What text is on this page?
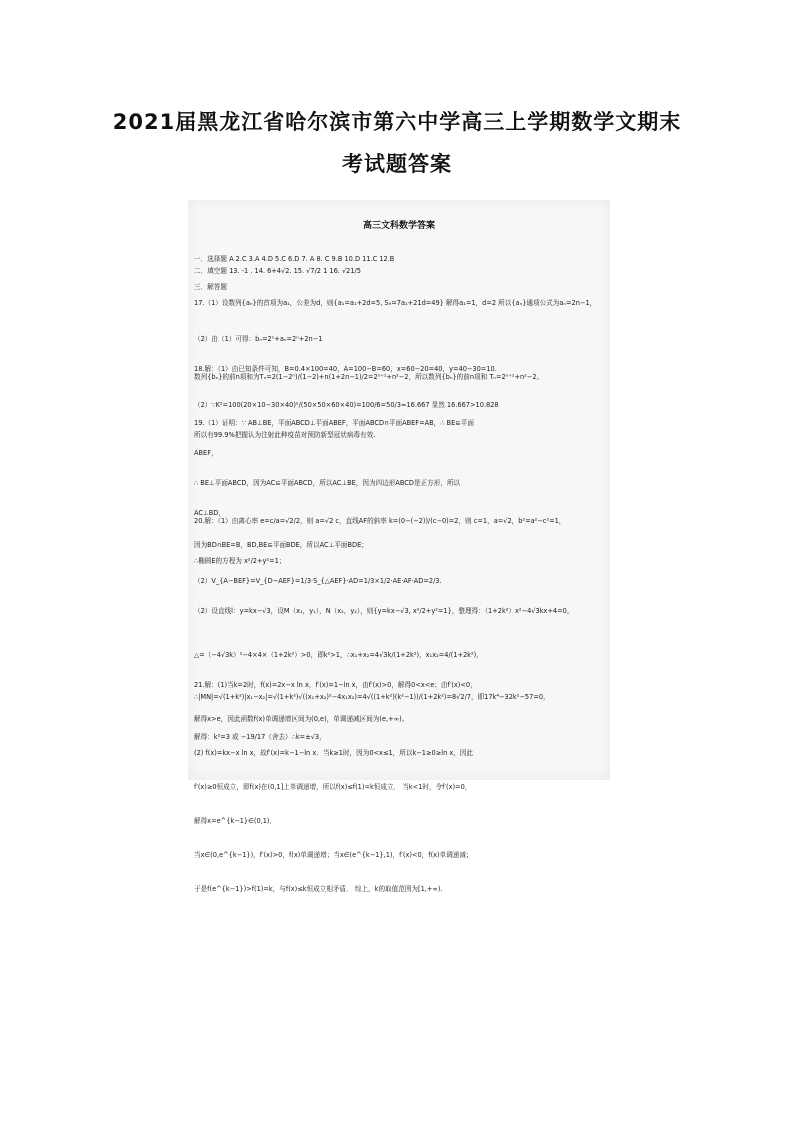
2021届黑龙江省哈尔滨市第六中学高三上学期数学文期末
考试题答案
高三文科数学答案

一．选择题 A 2.C 3.A 4.D 5.C 6.D 7. A 8. C 9.B 10.D 11.C 12.B

二．填空题 13. -1 . 14. 6+4√2. 15. √7/2 1 16. √21/5

三．解答题

17.（1）设数列{aₙ}的首项为a₁，公差为d，则{a₁=a₁+2d=5, S₉=7a₁+21d=49} 解得a₁=1，d=2 所以{aₙ}通项公式为aₙ=2n−1，

（2）由（1）可得：bₙ=2ⁿ+aₙ=2ⁿ+2n−1

数列{bₙ}的前n项和为Tₙ=2(1−2ⁿ)/(1−2)+n(1+2n−1)/2=2ⁿ⁺¹+n²−2，所以数列{bₙ}的前n项和 Tₙ=2ⁿ⁺¹+n²−2。

18.解：（1）由已知条件可知，B=0.4×100=40，A=100−B=60，x=60−20=40，y=40−30=10.

（2）∵K²=100(20×10−30×40)²/(50×50×60×40)=100/6=50/3≈16.667 显然 16.667>10.828

所以有99.9%把握认为注射此种疫苗对预防新型冠状病毒有效.

19.（1）证明：∵ AB⊥BE，平面ABCD⊥平面ABEF，平面ABCD∩平面ABEF=AB，∴ BE⊆平面

ABEF，

∴ BE⊥平面ABCD，因为AC⊆平面ABCD，所以AC⊥BE，因为四边形ABCD是正方形，所以

AC⊥BD，

因为BD∩BE=B，BD,BE⊆平面BDE，所以AC⊥平面BDE；

（2）V_{A−BEF}=V_{D−AEF}=1/3·S_{△AEF}·AD=1/3×1/2·AE·AF·AD=2/3.

20.解：（1）由离心率 e=c/a=√2/2，则 a=√2 c，直线AF的斜率 k=(0−(−2))/(c−0)=2，则 c=1，a=√2，b²=a²−c²=1，

∴椭圆E的方程为 x²/2+y²=1；

（2）设直线l：y=kx−√3，设M（x₁，y₁），N（x₂，y₂），则{y=kx−√3, x²/2+y²=1}，整理得：（1+2k²）x²−4√3kx+4=0，

△=（−4√3k）²−4×4×（1+2k²）>0，即k²>1，∴x₁+x₂=4√3k/(1+2k²)，x₁x₂=4/(1+2k²)，

∴|MN|=√(1+k²)|x₁−x₂|=√(1+k²)√((x₁+x₂)²−4x₁x₂)=4√((1+k²)(k²−1))/(1+2k²)=8√2/7，即17k⁴−32k²−57=0，

解得：k²=3 或 −19/17（舍去）∴k=±√3，

21.解：(1)当k=2时，f(x)=2x−x ln x，f′(x)=1−ln x，由f′(x)>0，解得0<x<e；由f′(x)<0，

解得x>e，因此函数f(x)单调递增区间为(0,e)，单调递减区间为(e,+∞)。

(2) f(x)=kx−x ln x，故f′(x)=k−1−ln x．当k≥1时，因为0<x≤1，所以k−1≥0≥ln x，因此

f′(x)≥0恒成立，即f(x)在(0,1]上单调递增，所以f(x)≤f(1)=k恒成立． 当k<1时，令f′(x)=0，

解得x=e^{k−1}∈(0,1)．

当x∈(0,e^{k−1})，f′(x)>0，f(x)单调递增；当x∈(e^{k−1},1)，f′(x)<0，f(x)单调递减；

于是f(e^{k−1})>f(1)=k，与f(x)≤k恒成立相矛盾． 综上，k的取值范围为[1,+∞).
